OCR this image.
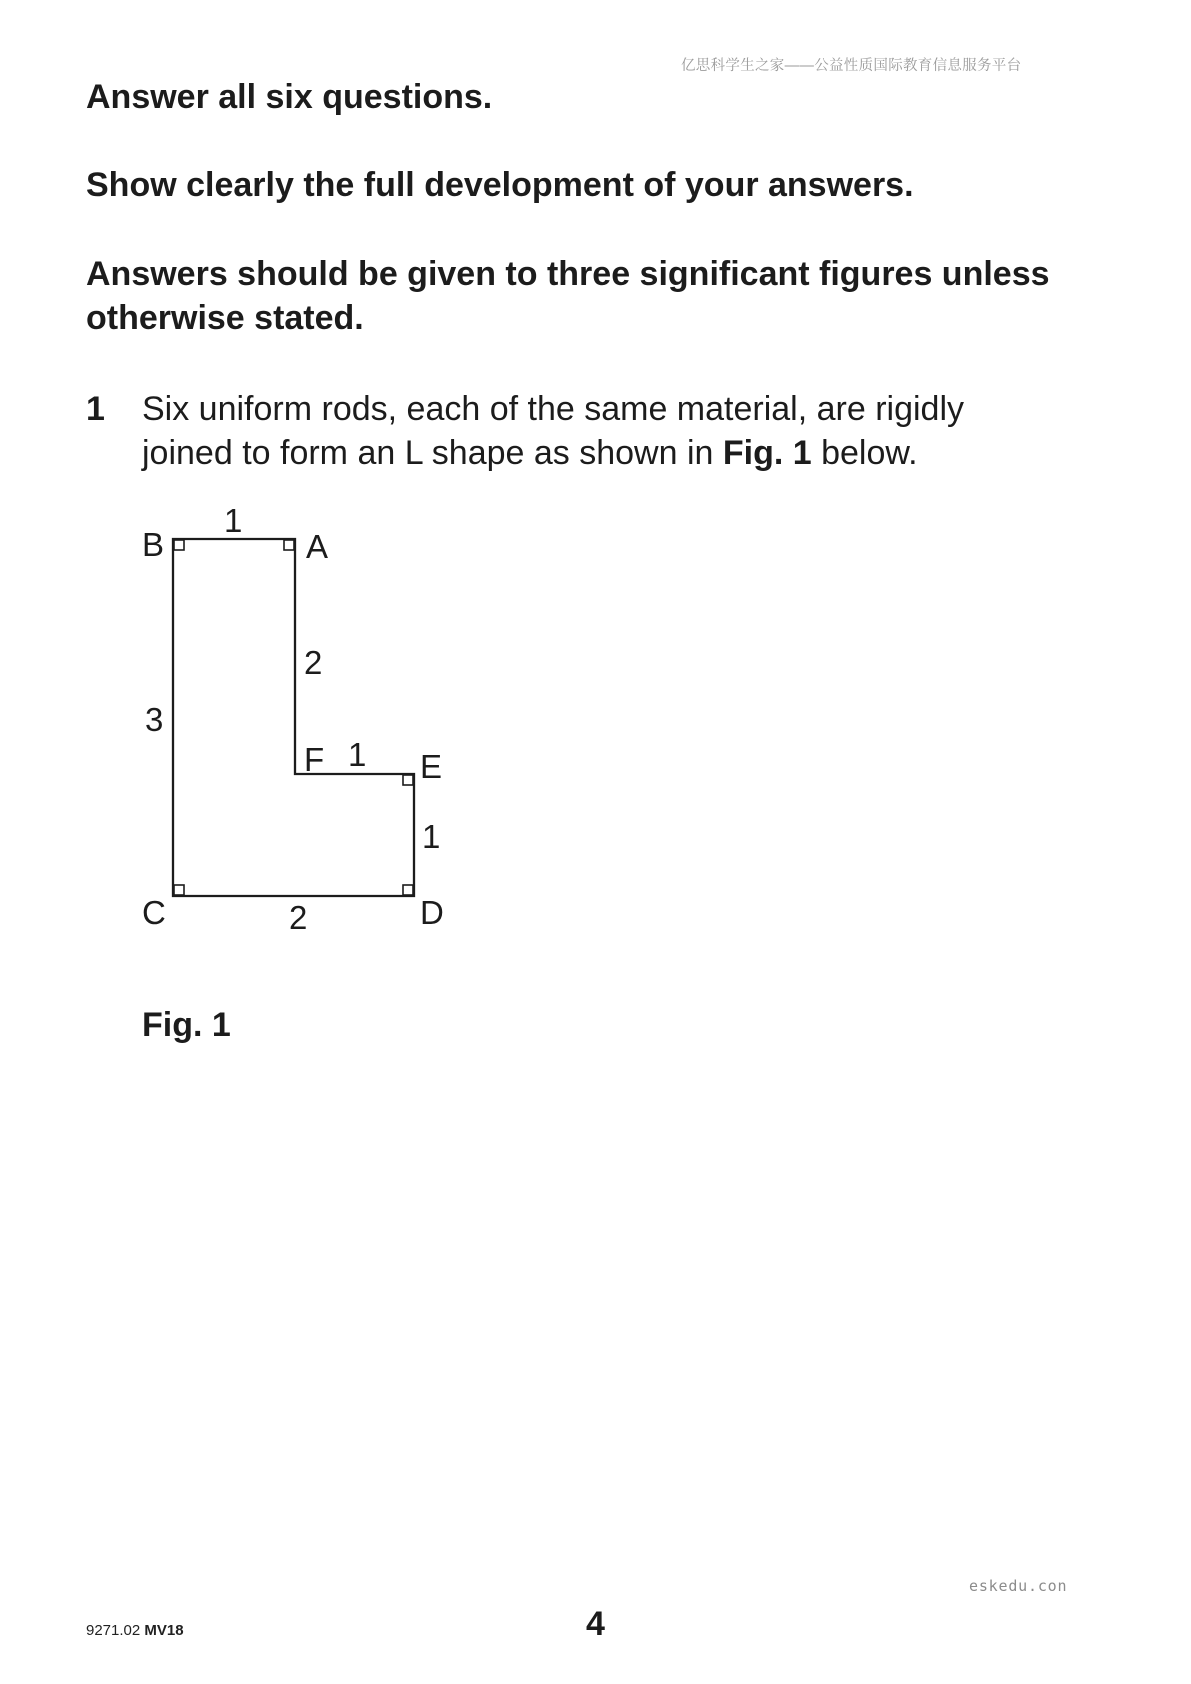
亿思科学生之家——公益性质国际教育信息服务平台

Answer all six questions.

Show clearly the full development of your answers.

Answers should be given to three significant figures unless

otherwise stated.

1 Six uniform rods, each of the same material, are rigidly

joined to form an L shape as shown in Fig. 1 below.

B	A
F	E
C	D
1
2
3
1
1
2
Fig. 1
eskedu.con
9271.02 MV18	4
